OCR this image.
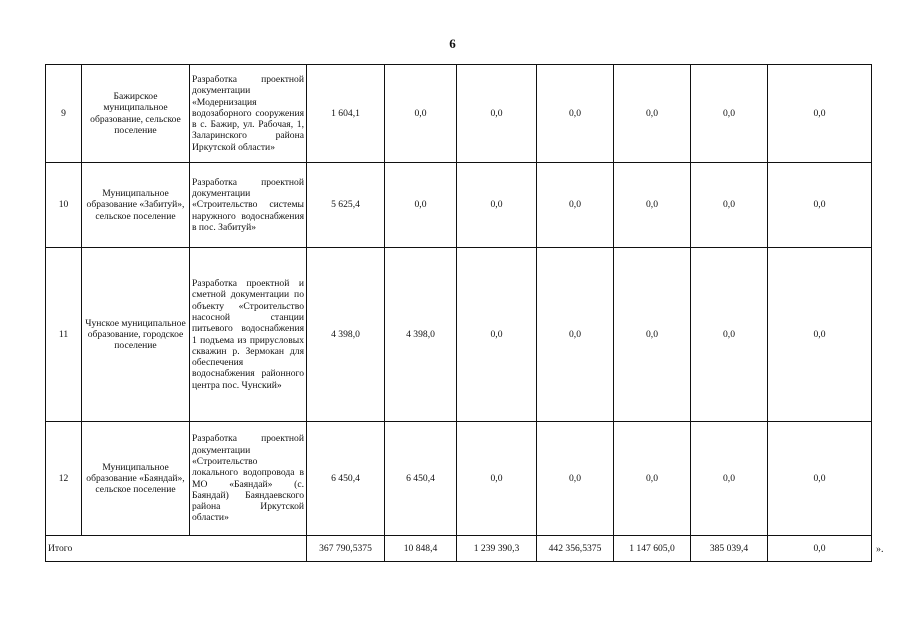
6
9	Бажирское муниципальное образование, сельское поселение	Разработка проектной документации «Модернизация водозаборного сооружения в с. Бажир, ул. Рабочая, 1, Заларинского района Иркутской области»	1 604,1	0,0	0,0	0,0	0,0	0,0	0,0
10	Муниципальное образование «Забитуй», сельское поселение	Разработка проектной документации «Строительство системы наружного водоснабжения в пос. Забитуй»	5 625,4	0,0	0,0	0,0	0,0	0,0	0,0
11	Чунское муниципальное образование, городское поселение	Разработка проектной и сметной документации по объекту «Строительство насосной станции питьевого водоснабжения 1 подъема из прирусловых скважин р. Зермокан для обеспечения водоснабжения районного центра пос. Чунский»	4 398,0	4 398,0	0,0	0,0	0,0	0,0	0,0
12	Муниципальное образование «Баяндай», сельское поселение	Разработка проектной документации «Строительство локального водопровода в МО «Баяндай» (с. Баяндай) Баяндаевского района Иркутской области»	6 450,4	6 450,4	0,0	0,0	0,0	0,0	0,0
Итого			367 790,5375	10 848,4	1 239 390,3	442 356,5375	1 147 605,0	385 039,4	0,0	».
